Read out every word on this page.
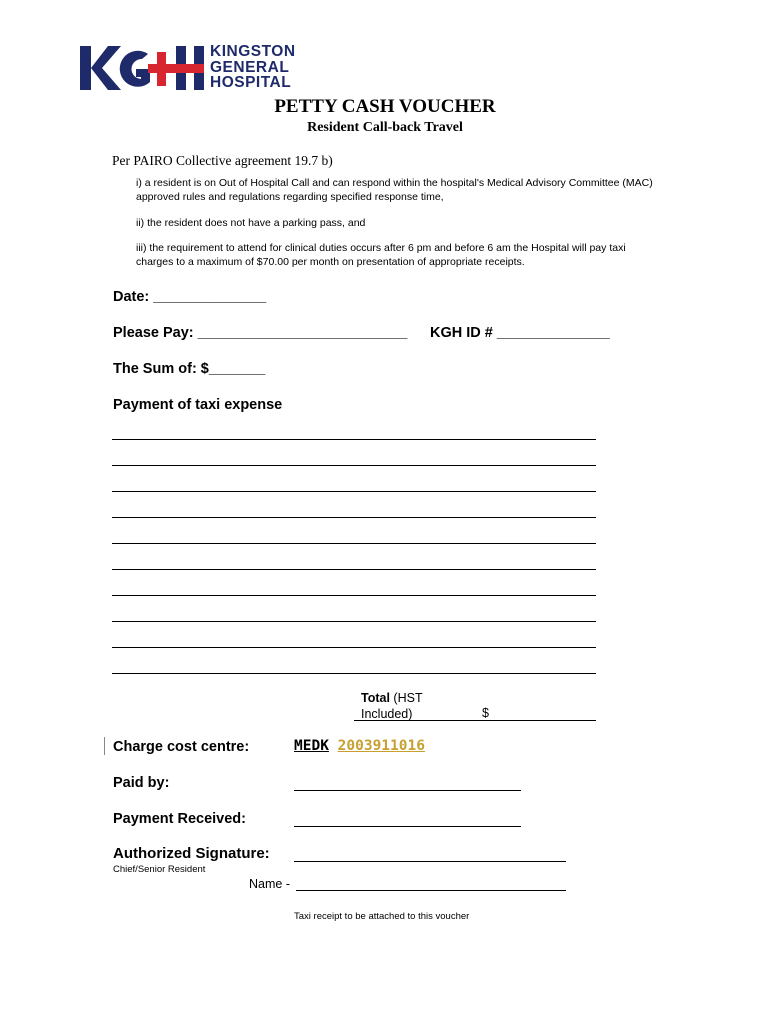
KINGSTON
GENERAL
HOSPITAL
PETTY CASH VOUCHER
Resident Call-back Travel
Per PAIRO Collective agreement 19.7 b)
i) a resident is on Out of Hospital Call and can respond within the hospital's Medical Advisory Committee (MAC) approved rules and regulations regarding specified response time,
ii) the resident does not have a parking pass, and
iii) the requirement to attend for clinical duties occurs after 6 pm and before 6 am the Hospital will pay taxi charges to a maximum of $70.00 per month on presentation of appropriate receipts.
Date: ______________
Please Pay: __________________________ KGH ID # ______________
The Sum of: $_______
Payment of taxi expense
Total (HST
Included)	$
Charge cost centre:	MEDK 2003911016
Paid by:
Payment Received:
Authorized Signature:
Chief/Senior Resident
Name -
Taxi receipt to be attached to this voucher
